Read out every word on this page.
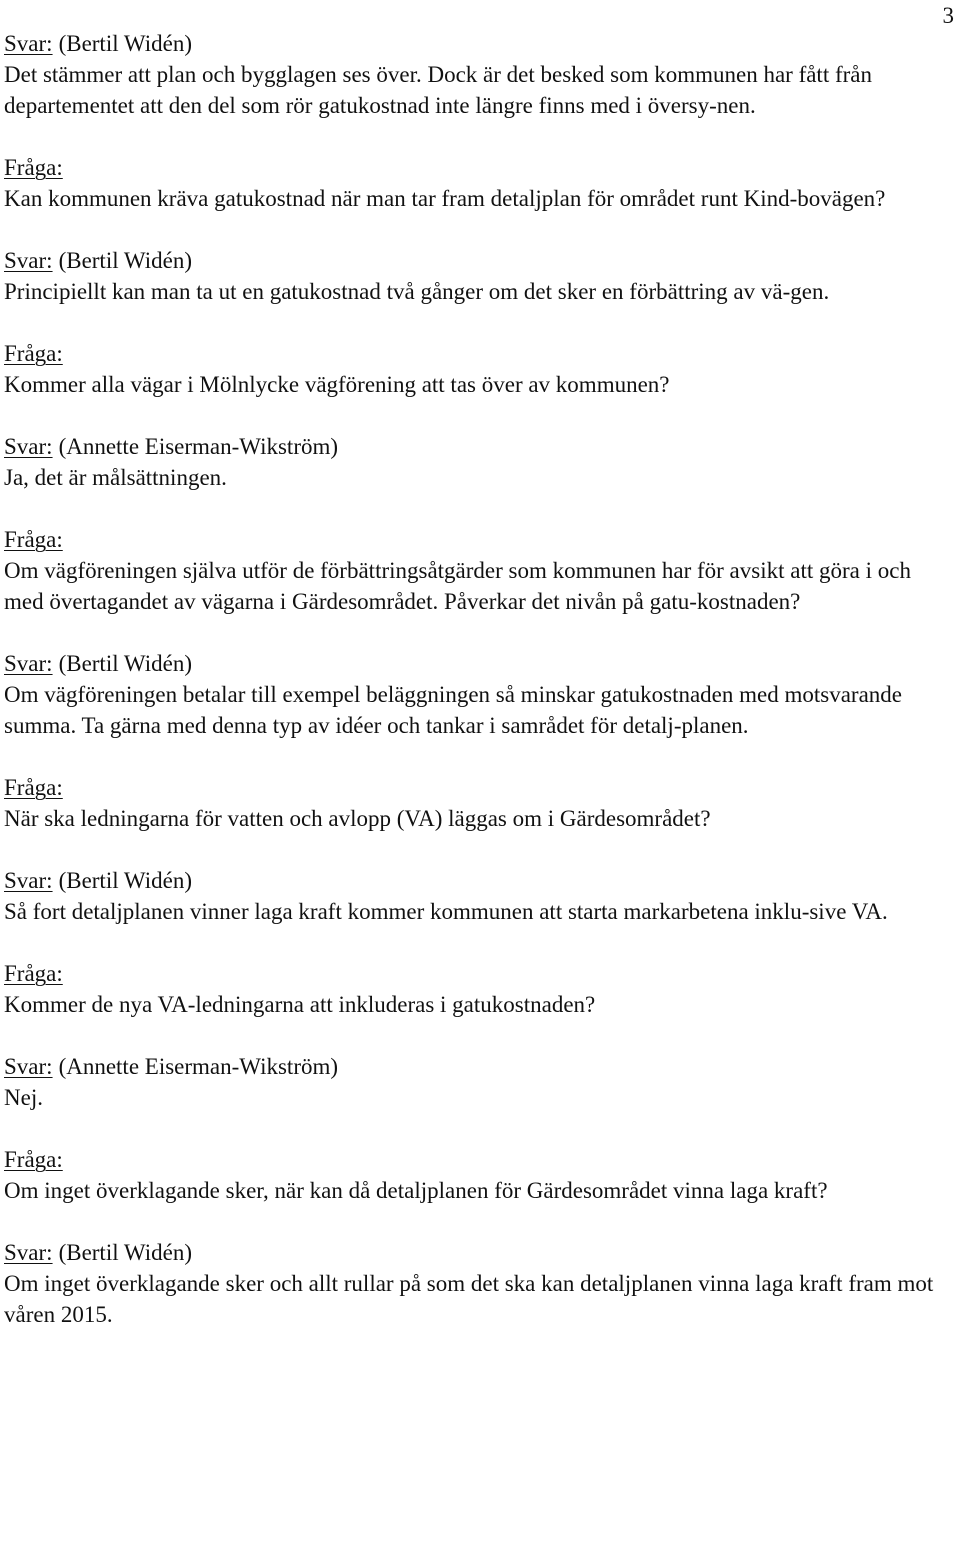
3

Svar: (Bertil Widén)

Det stämmer att plan och bygglagen ses över. Dock är det besked som kommunen har fått från departementet att den del som rör gatukostnad inte längre finns med i översy-nen.

Fråga:

Kan kommunen kräva gatukostnad när man tar fram detaljplan för området runt Kind-bovägen?

Svar: (Bertil Widén)

Principiellt kan man ta ut en gatukostnad två gånger om det sker en förbättring av vä-gen.

Fråga:

Kommer alla vägar i Mölnlycke vägförening att tas över av kommunen?

Svar: (Annette Eiserman-Wikström)

Ja, det är målsättningen.

Fråga:

Om vägföreningen själva utför de förbättringsåtgärder som kommunen har för avsikt att göra i och med övertagandet av vägarna i Gärdesområdet. Påverkar det nivån på gatu-kostnaden?

Svar: (Bertil Widén)

Om vägföreningen betalar till exempel beläggningen så minskar gatukostnaden med motsvarande summa. Ta gärna med denna typ av idéer och tankar i samrådet för detalj-planen.

Fråga:

När ska ledningarna för vatten och avlopp (VA) läggas om i Gärdesområdet?

Svar: (Bertil Widén)

Så fort detaljplanen vinner laga kraft kommer kommunen att starta markarbetena inklu-sive VA.

Fråga:

Kommer de nya VA-ledningarna att inkluderas i gatukostnaden?

Svar: (Annette Eiserman-Wikström)

Nej.

Fråga:

Om inget överklagande sker, när kan då detaljplanen för Gärdesområdet vinna laga kraft?

Svar: (Bertil Widén)

Om inget överklagande sker och allt rullar på som det ska kan detaljplanen vinna laga kraft fram mot våren 2015.
